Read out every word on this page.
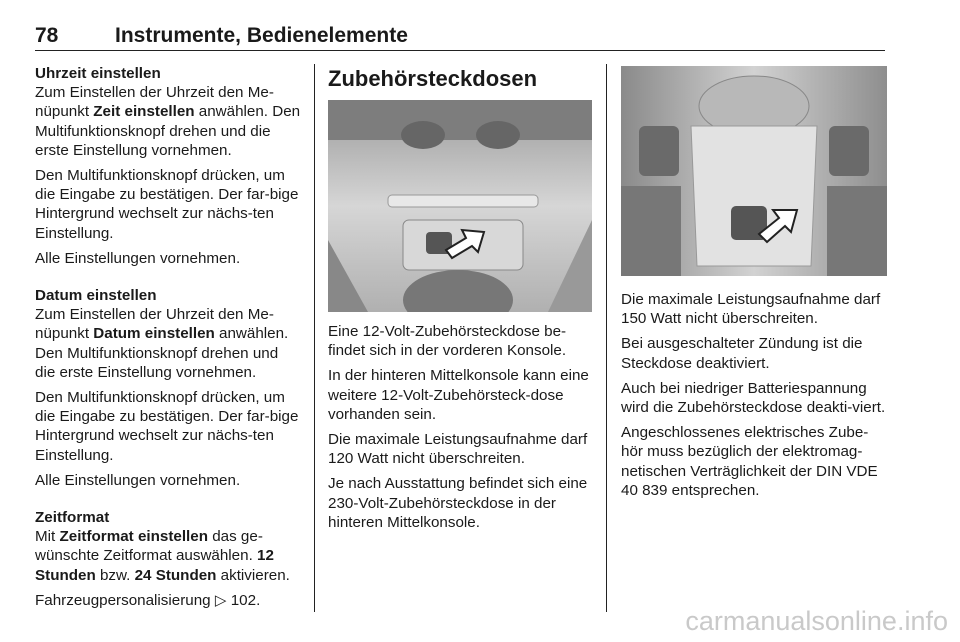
78	Instrumente, Bedienelemente

Uhrzeit einstellen

Zum Einstellen der Uhrzeit den Me-nüpunkt Zeit einstellen anwählen. Den Multifunktionsknopf drehen und die erste Einstellung vornehmen.

Den Multifunktionsknopf drücken, um die Eingabe zu bestätigen. Der far-bige Hintergrund wechselt zur nächs-ten Einstellung.

Alle Einstellungen vornehmen.

Datum einstellen

Zum Einstellen der Uhrzeit den Me-nüpunkt Datum einstellen anwählen. Den Multifunktionsknopf drehen und die erste Einstellung vornehmen.

Den Multifunktionsknopf drücken, um die Eingabe zu bestätigen. Der far-bige Hintergrund wechselt zur nächs-ten Einstellung.

Alle Einstellungen vornehmen.

Zeitformat

Mit Zeitformat einstellen das ge-wünschte Zeitformat auswählen. 12 Stunden bzw. 24 Stunden aktivieren.

Fahrzeugpersonalisierung ▷ 102.

Zubehörsteckdosen

Eine 12-Volt-Zubehörsteckdose be-findet sich in der vorderen Konsole.

In der hinteren Mittelkonsole kann eine weitere 12-Volt-Zubehörsteck-dose vorhanden sein.

Die maximale Leistungsaufnahme darf 120 Watt nicht überschreiten.

Je nach Ausstattung befindet sich eine 230-Volt-Zubehörsteckdose in der hinteren Mittelkonsole.

Die maximale Leistungsaufnahme darf 150 Watt nicht überschreiten.

Bei ausgeschalteter Zündung ist die Steckdose deaktiviert.

Auch bei niedriger Batteriespannung wird die Zubehörsteckdose deakti-viert.

Angeschlossenes elektrisches Zube-hör muss bezüglich der elektromag-netischen Verträglichkeit der DIN VDE 40 839 entsprechen.

carmanualsonline.info
